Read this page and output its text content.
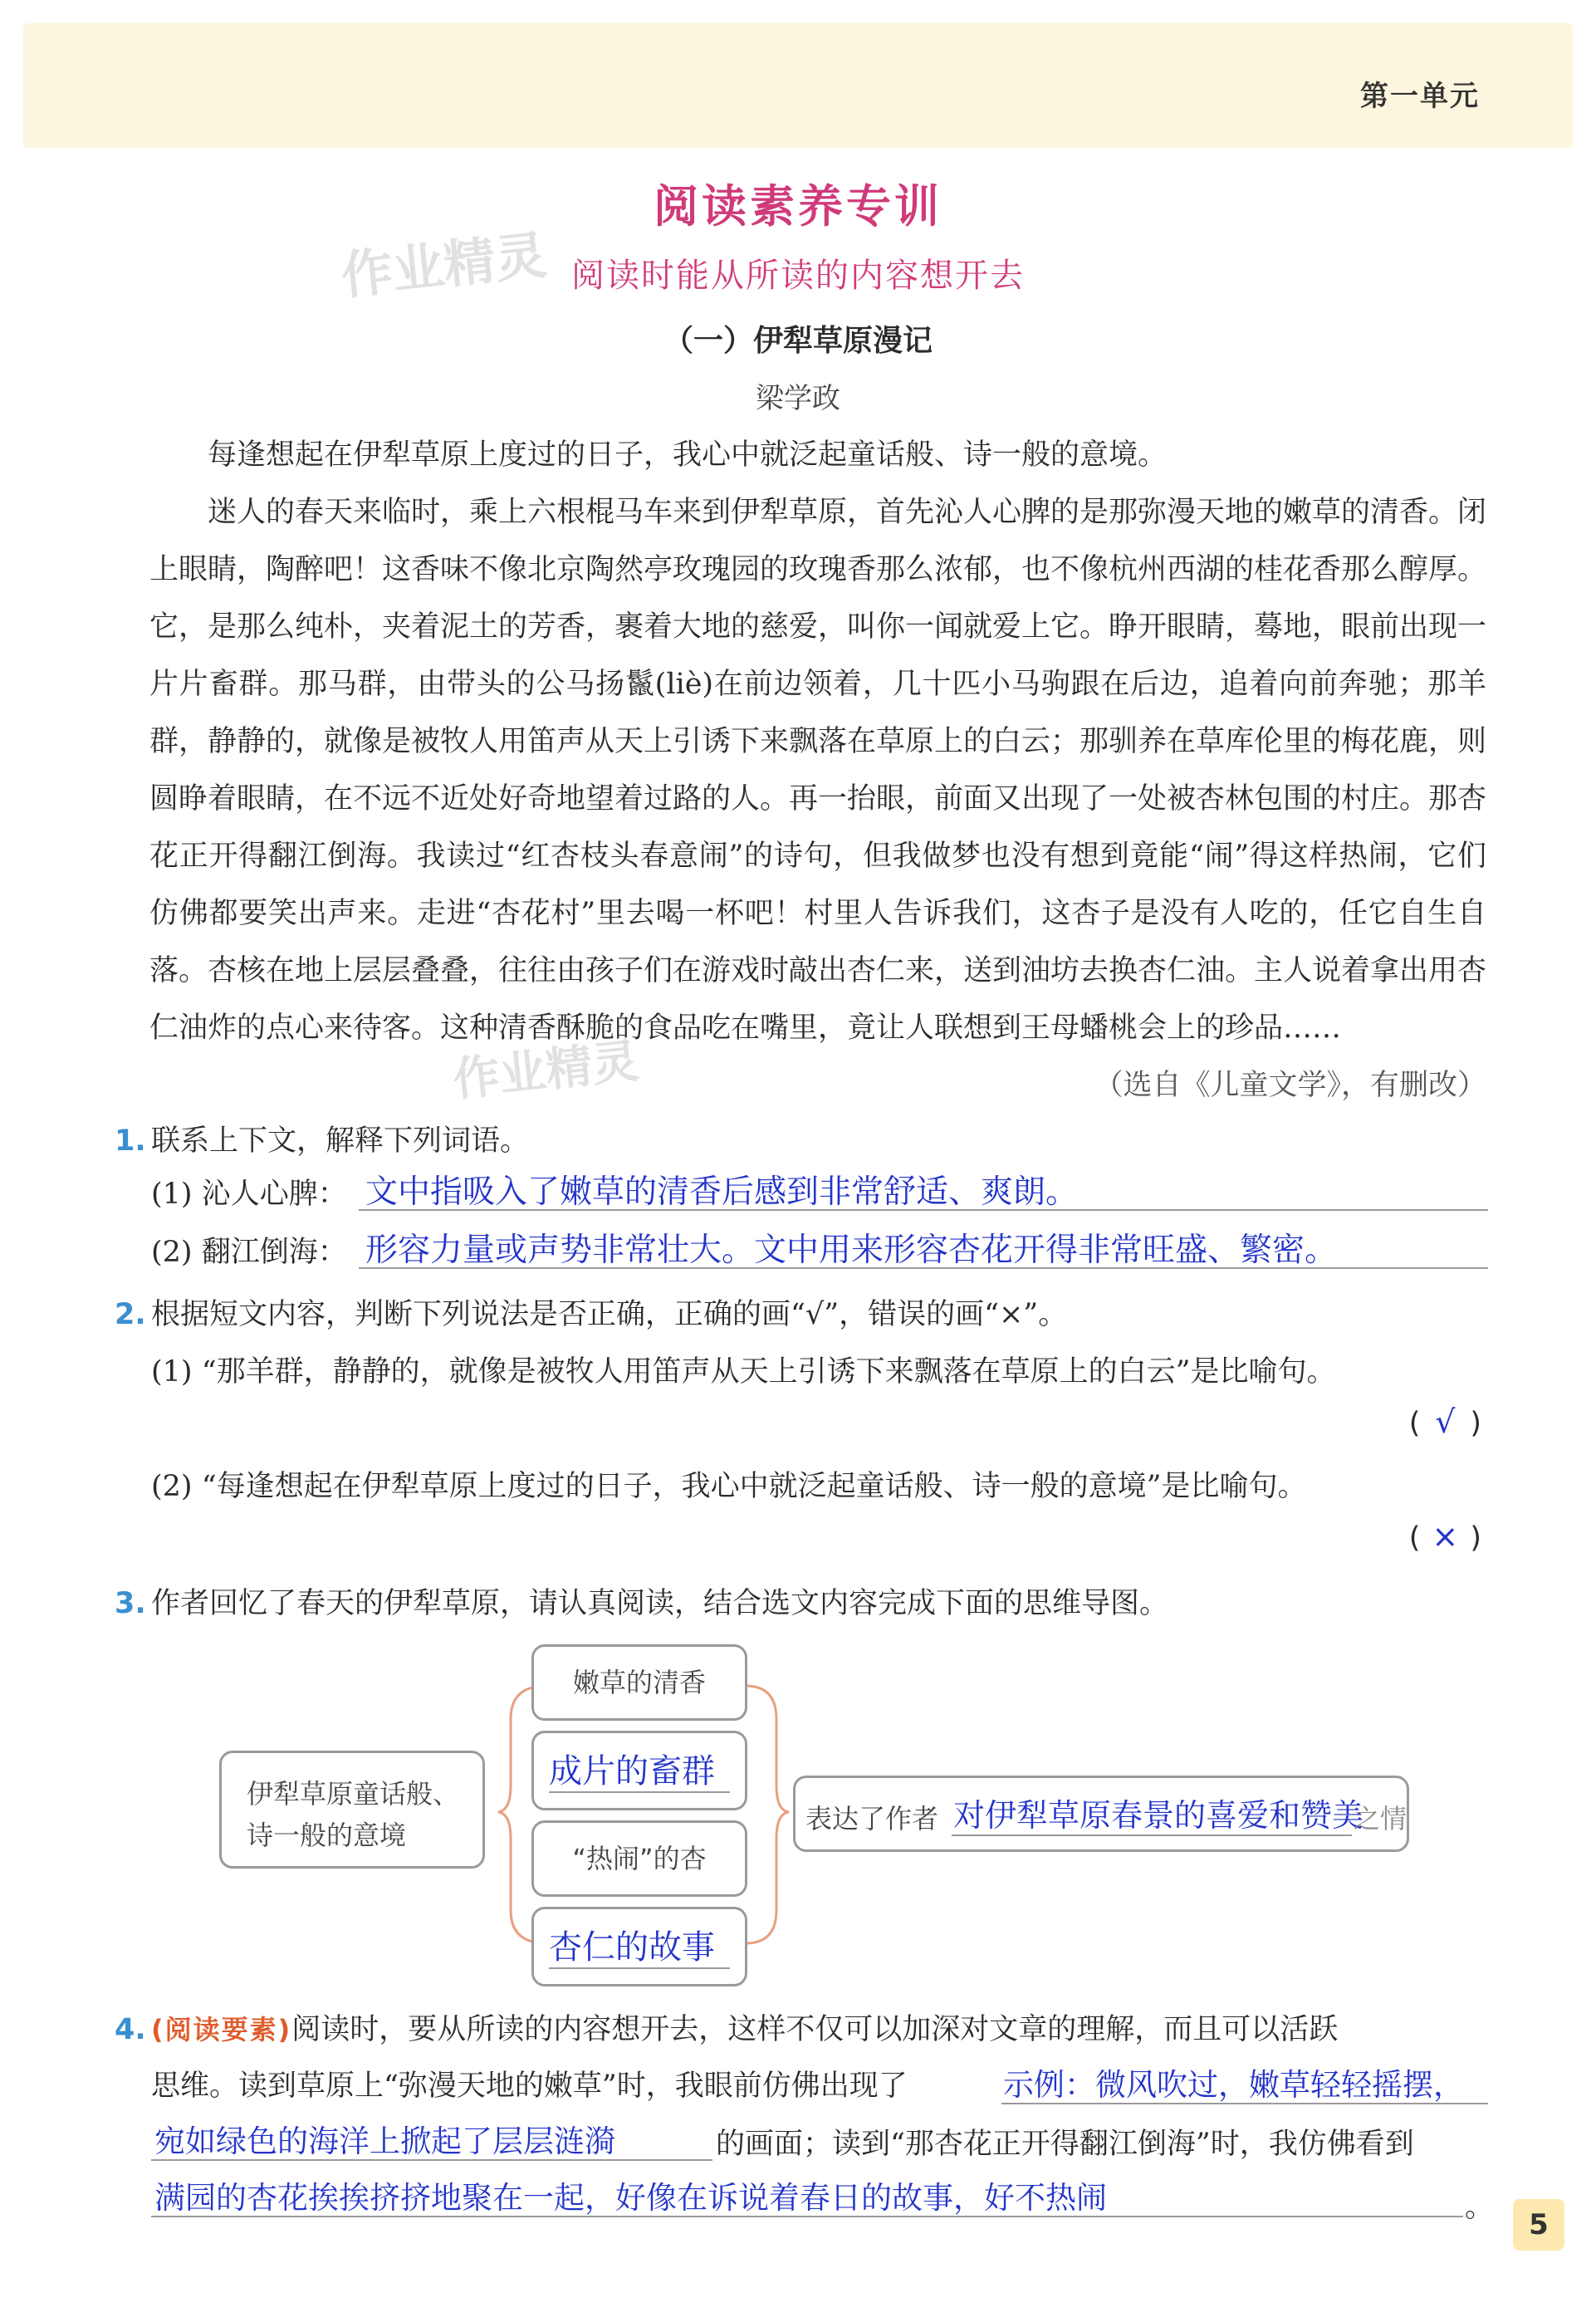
第一单元
作业精灵
作业精灵
阅读素养专训
阅读时能从所读的内容想开去
（一）伊犁草原漫记
梁学政

每逢想起在伊犁草原上度过的日子，我心中就泛起童话般、诗一般的意境。

迷人的春天来临时，乘上六根棍马车来到伊犁草原，首先沁人心脾的是那弥漫天地的嫩草的清香。闭上眼睛，陶醉吧！这香味不像北京陶然亭玫瑰园的玫瑰香那么浓郁，也不像杭州西湖的桂花香那么醇厚。它，是那么纯朴，夹着泥土的芳香，裹着大地的慈爱，叫你一闻就爱上它。睁开眼睛，蓦地，眼前出现一片片畜群。那马群，由带头的公马扬鬣(liè)在前边领着，几十匹小马驹跟在后边，追着向前奔驰；那羊群，静静的，就像是被牧人用笛声从天上引诱下来飘落在草原上的白云；那驯养在草库伦里的梅花鹿，则圆睁着眼睛，在不远不近处好奇地望着过路的人。再一抬眼，前面又出现了一处被杏林包围的村庄。那杏花正开得翻江倒海。我读过“红杏枝头春意闹”的诗句，但我做梦也没有想到竟能“闹”得这样热闹，它们仿佛都要笑出声来。走进“杏花村”里去喝一杯吧！村里人告诉我们，这杏子是没有人吃的，任它自生自落。杏核在地上层层叠叠，往往由孩子们在游戏时敲出杏仁来，送到油坊去换杏仁油。主人说着拿出用杏仁油炸的点心来待客。这种清香酥脆的食品吃在嘴里，竟让人联想到王母蟠桃会上的珍品……
（选自《儿童文学》，有删改）

1. 联系上下文，解释下列词语。
(1) 沁人心脾： 文中指吸入了嫩草的清香后感到非常舒适、爽朗。
(2) 翻江倒海： 形容力量或声势非常壮大。文中用来形容杏花开得非常旺盛、繁密。
2. 根据短文内容，判断下列说法是否正确，正确的画“√”，错误的画“×”。
(1) “那羊群，静静的，就像是被牧人用笛声从天上引诱下来飘落在草原上的白云”是比喻句。
( √ )
(2) “每逢想起在伊犁草原上度过的日子，我心中就泛起童话般、诗一般的意境”是比喻句。
( × )
3. 作者回忆了春天的伊犁草原，请认真阅读，结合选文内容完成下面的思维导图。
伊犁草原童话般、诗一般的意境
嫩草的清香
成片的畜群
“热闹”的杏
杏仁的故事
表达了作者 对伊犁草原春景的喜爱和赞美
之情
4. (阅读要素)阅读时，要从所读的内容想开去，这样不仅可以加深对文章的理解，而且可以活跃
思维。读到草原上“弥漫天地的嫩草”时，我眼前仿佛出现了	示例：微风吹过，嫩草轻轻摇摆，
宛如绿色的海洋上掀起了层层涟漪	的画面；读到“那杏花正开得翻江倒海”时，我仿佛看到
满园的杏花挨挨挤挤地聚在一起，好像在诉说着春日的故事，好不热闹	。
5
